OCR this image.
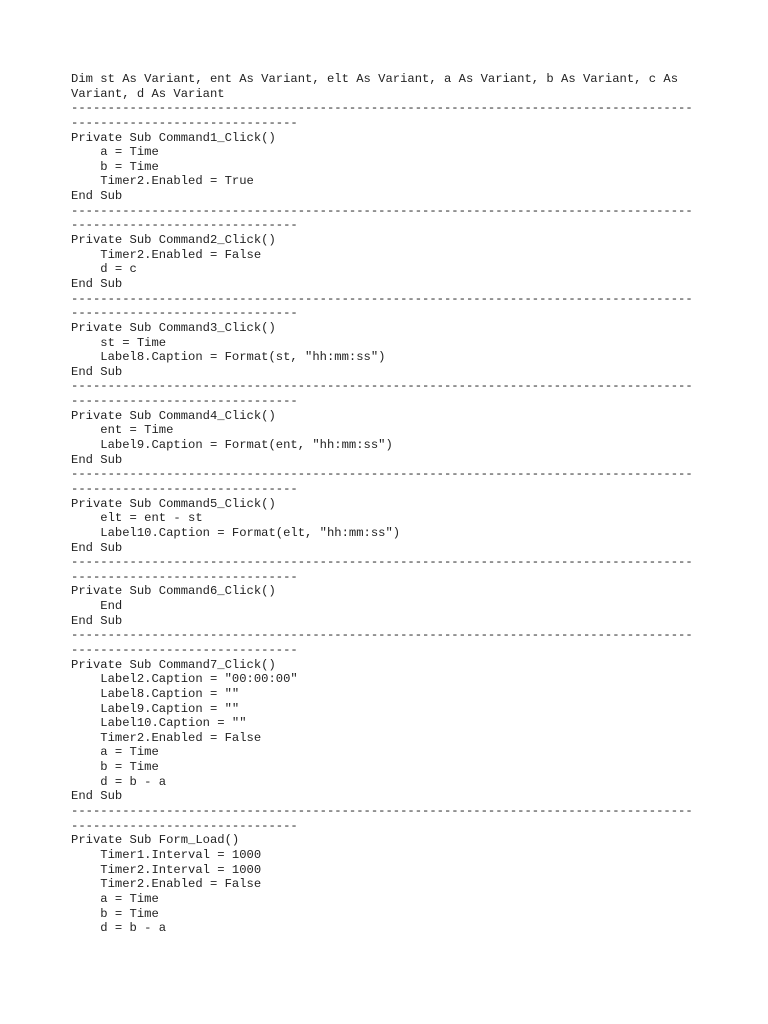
Dim st As Variant, ent As Variant, elt As Variant, a As Variant, b As Variant, c As
Variant, d As Variant
-------------------------------------------------------------------------------------
-------------------------------
Private Sub Command1_Click()
a = Time
b = Time
Timer2.Enabled = True
End Sub
-------------------------------------------------------------------------------------
-------------------------------
Private Sub Command2_Click()
Timer2.Enabled = False
d = c
End Sub
-------------------------------------------------------------------------------------
-------------------------------
Private Sub Command3_Click()
st = Time
Label8.Caption = Format(st, "hh:mm:ss")
End Sub
-------------------------------------------------------------------------------------
-------------------------------
Private Sub Command4_Click()
ent = Time
Label9.Caption = Format(ent, "hh:mm:ss")
End Sub
-------------------------------------------------------------------------------------
-------------------------------
Private Sub Command5_Click()
elt = ent - st
Label10.Caption = Format(elt, "hh:mm:ss")
End Sub
-------------------------------------------------------------------------------------
-------------------------------
Private Sub Command6_Click()
End
End Sub
-------------------------------------------------------------------------------------
-------------------------------
Private Sub Command7_Click()
Label2.Caption = "00:00:00"
Label8.Caption = ""
Label9.Caption = ""
Label10.Caption = ""
Timer2.Enabled = False
a = Time
b = Time
d = b - a
End Sub
-------------------------------------------------------------------------------------
-------------------------------
Private Sub Form_Load()
Timer1.Interval = 1000
Timer2.Interval = 1000
Timer2.Enabled = False
a = Time
b = Time
d = b - a
